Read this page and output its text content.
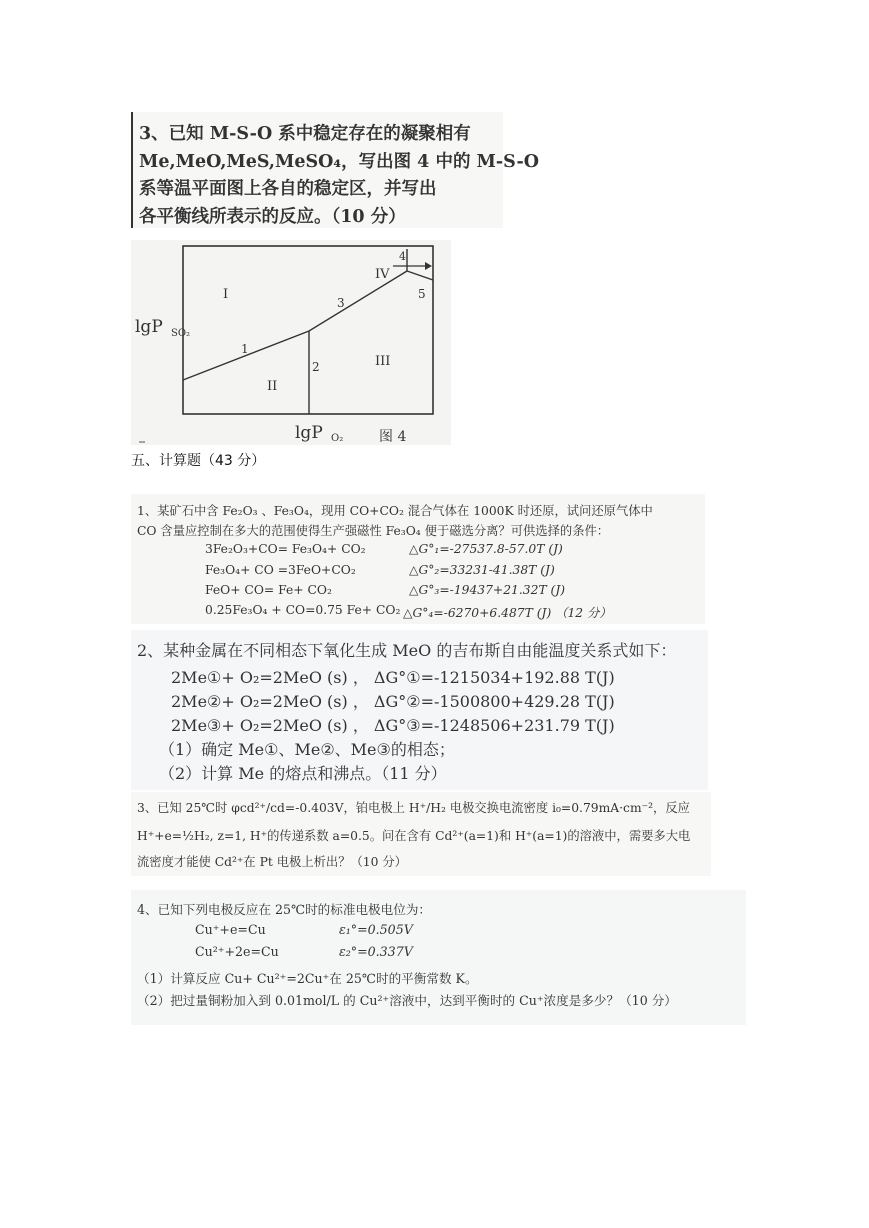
3、已知 M-S-O 系中稳定存在的凝聚相有
Me,MeO,MeS,MeSO₄，写出图 4 中的 M-S-O
系等温平面图上各自的稳定区，并写出
各平衡线所表示的反应。（10 分）
lgP SO₂
lgP O₂	图 4
I
II
III
IV
1
2
3
4
5
五、计算题（43 分）
1、某矿石中含 Fe₂O₃ 、Fe₃O₄，现用 CO+CO₂ 混合气体在 1000K 时还原，试问还原气体中
CO 含量应控制在多大的范围使得生产强磁性 Fe₃O₄ 便于磁选分离？可供选择的条件：
3Fe₂O₃+CO= Fe₃O₄+ CO₂	△G°₁=-27537.8-57.0T (J)
Fe₃O₄+ CO =3FeO+CO₂	△G°₂=33231-41.38T (J)
FeO+ CO= Fe+ CO₂	△G°₃=-19437+21.32T (J)
0.25Fe₃O₄ + CO=0.75 Fe+ CO₂ △G°₄=-6270+6.487T (J) （12 分）
2、某种金属在不同相态下氧化生成 MeO 的吉布斯自由能温度关系式如下：
2Me①+ O₂=2MeO (s) ， ΔG°①=-1215034+192.88 T(J)
2Me②+ O₂=2MeO (s) ， ΔG°②=-1500800+429.28 T(J)
2Me③+ O₂=2MeO (s) ， ΔG°③=-1248506+231.79 T(J)
（1）确定 Me①、Me②、Me③的相态；
（2）计算 Me 的熔点和沸点。（11 分）
3、已知 25℃时 φcd²⁺/cd=-0.403V，铂电极上 H⁺/H₂ 电极交换电流密度 i₀=0.79mA·cm⁻²，反应
H⁺+e=½H₂, z=1, H⁺的传递系数 a=0.5。问在含有 Cd²⁺(a=1)和 H⁺(a=1)的溶液中，需要多大电
流密度才能使 Cd²⁺在 Pt 电极上析出？（10 分）
4、已知下列电极反应在 25℃时的标准电极电位为：
Cu⁺+e=Cu	ε₁°=0.505V
Cu²⁺+2e=Cu	ε₂°=0.337V
（1）计算反应 Cu+ Cu²⁺=2Cu⁺在 25℃时的平衡常数 K。
（2）把过量铜粉加入到 0.01mol/L 的 Cu²⁺溶液中，达到平衡时的 Cu⁺浓度是多少？（10 分）
